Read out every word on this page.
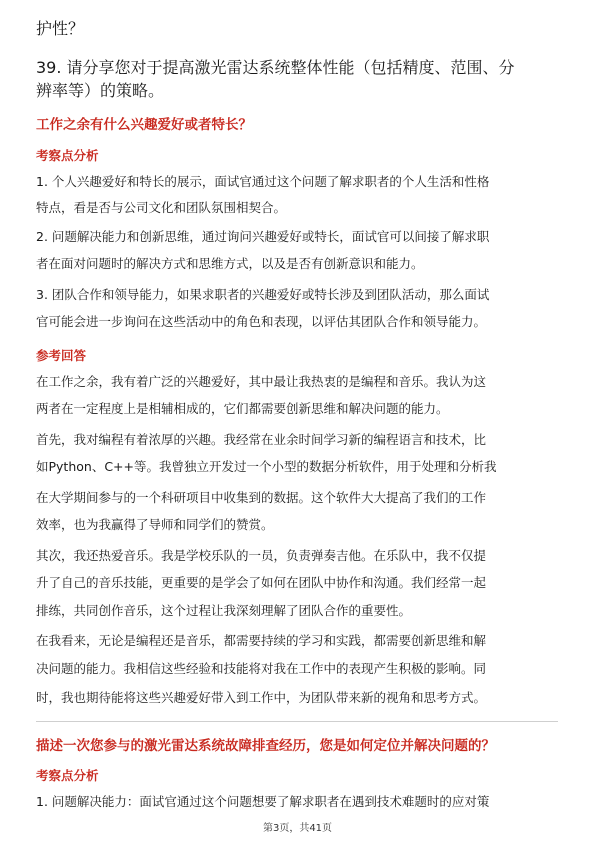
护性？
39. 请分享您对于提高激光雷达系统整体性能（包括精度、范围、分
辨率等）的策略。
工作之余有什么兴趣爱好或者特长？
考察点分析
1. 个人兴趣爱好和特长的展示，面试官通过这个问题了解求职者的个人生活和性格
特点，看是否与公司文化和团队氛围相契合。
2. 问题解决能力和创新思维，通过询问兴趣爱好或特长，面试官可以间接了解求职
者在面对问题时的解决方式和思维方式，以及是否有创新意识和能力。
3. 团队合作和领导能力，如果求职者的兴趣爱好或特长涉及到团队活动，那么面试
官可能会进一步询问在这些活动中的角色和表现，以评估其团队合作和领导能力。
参考回答
在工作之余，我有着广泛的兴趣爱好，其中最让我热衷的是编程和音乐。我认为这
两者在一定程度上是相辅相成的，它们都需要创新思维和解决问题的能力。
首先，我对编程有着浓厚的兴趣。我经常在业余时间学习新的编程语言和技术，比
如Python、C++等。我曾独立开发过一个小型的数据分析软件，用于处理和分析我
在大学期间参与的一个科研项目中收集到的数据。这个软件大大提高了我们的工作
效率，也为我赢得了导师和同学们的赞赏。
其次，我还热爱音乐。我是学校乐队的一员，负责弹奏吉他。在乐队中，我不仅提
升了自己的音乐技能，更重要的是学会了如何在团队中协作和沟通。我们经常一起
排练，共同创作音乐，这个过程让我深刻理解了团队合作的重要性。
在我看来，无论是编程还是音乐，都需要持续的学习和实践，都需要创新思维和解
决问题的能力。我相信这些经验和技能将对我在工作中的表现产生积极的影响。同
时，我也期待能将这些兴趣爱好带入到工作中，为团队带来新的视角和思考方式。
描述一次您参与的激光雷达系统故障排查经历，您是如何定位并解决问题的？
考察点分析
1. 问题解决能力：面试官通过这个问题想要了解求职者在遇到技术难题时的应对策
第3页，共41页
